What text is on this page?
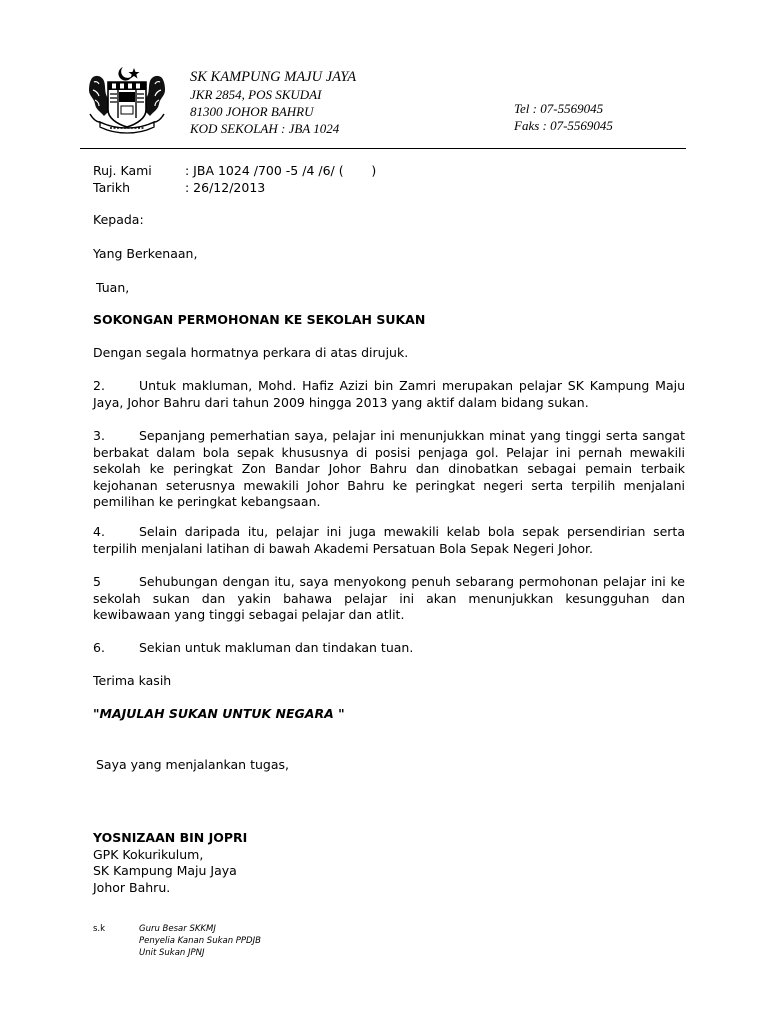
SK KAMPUNG MAJU JAYA
JKR 2854, POS SKUDAI
81300 JOHOR BAHRU
KOD SEKOLAH : JBA 1024
Tel : 07-5569045
Faks : 07-5569045
Ruj. Kami	: JBA 1024 /700 -5 /4 /6/ (       )
Tarikh	: 26/12/2013
Kepada:
Yang Berkenaan,
Tuan,
SOKONGAN PERMOHONAN KE SEKOLAH SUKAN
Dengan segala hormatnya perkara di atas dirujuk.
2.	Untuk makluman, Mohd. Hafiz Azizi bin Zamri merupakan pelajar SK Kampung Maju Jaya, Johor Bahru dari tahun 2009 hingga 2013 yang aktif dalam bidang sukan.
3.	Sepanjang pemerhatian saya, pelajar ini menunjukkan minat yang tinggi serta sangat berbakat dalam bola sepak khususnya di posisi penjaga gol. Pelajar ini pernah mewakili sekolah ke peringkat Zon Bandar Johor Bahru dan dinobatkan sebagai pemain terbaik kejohanan seterusnya mewakili Johor Bahru ke peringkat negeri serta terpilih menjalani pemilihan ke peringkat kebangsaan.
4.	Selain daripada itu, pelajar ini juga mewakili kelab bola sepak persendirian serta terpilih menjalani latihan di bawah Akademi Persatuan Bola Sepak Negeri Johor.
5	Sehubungan dengan itu, saya menyokong penuh sebarang permohonan pelajar ini ke sekolah sukan dan yakin bahawa pelajar ini akan menunjukkan kesungguhan dan kewibawaan yang tinggi sebagai pelajar dan atlit.
6.	Sekian untuk makluman dan tindakan tuan.
Terima kasih
"MAJULAH SUKAN UNTUK NEGARA "
Saya yang menjalankan tugas,
YOSNIZAAN BIN JOPRI
GPK Kokurikulum,
SK Kampung Maju Jaya
Johor Bahru.
s.k	Guru Besar SKKMJ
Penyelia Kanan Sukan PPDJB
Unit Sukan JPNJ
